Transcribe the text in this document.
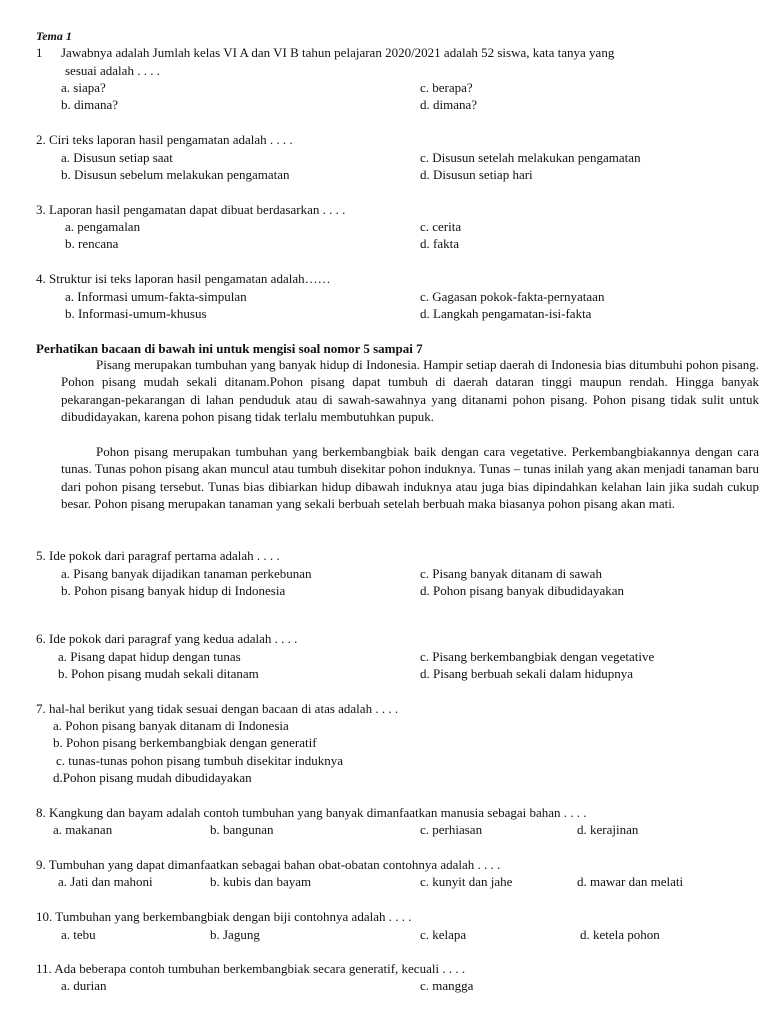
Tema 1
1 Jawabnya adalah Jumlah kelas VI A dan VI B tahun pelajaran 2020/2021 adalah 52 siswa, kata tanya yang
sesuai adalah . . . .
a. siapa?
b. dimana?
c. berapa?
d. dimana?
2. Ciri teks laporan hasil pengamatan adalah . . . .
a. Disusun setiap saat
b. Disusun sebelum melakukan pengamatan
c. Disusun setelah melakukan pengamatan
d. Disusun setiap hari
3. Laporan hasil pengamatan dapat dibuat berdasarkan . . . .
a. pengamalan
b. rencana
c. cerita
d. fakta
4. Struktur isi teks laporan hasil pengamatan adalah……
a. Informasi umum-fakta-simpulan
b. Informasi-umum-khusus
c. Gagasan pokok-fakta-pernyataan
d. Langkah pengamatan-isi-fakta
Perhatikan bacaan di bawah ini untuk mengisi soal nomor 5 sampai 7
Pisang merupakan tumbuhan yang banyak hidup di Indonesia. Hampir setiap daerah di Indonesia bias ditumbuhi pohon pisang. Pohon pisang mudah sekali ditanam.Pohon pisang dapat tumbuh di daerah dataran tinggi maupun rendah. Hingga banyak pekarangan-pekarangan di lahan penduduk atau di sawah-sawahnya yang ditanami pohon pisang. Pohon pisang tidak sulit untuk dibudidayakan, karena pohon pisang tidak terlalu membutuhkan pupuk.
Pohon pisang merupakan tumbuhan yang berkembangbiak baik dengan cara vegetative. Perkembangbiakannya dengan cara tunas. Tunas pohon pisang akan muncul atau tumbuh disekitar pohon induknya. Tunas – tunas inilah yang akan menjadi tanaman baru dari pohon pisang tersebut. Tunas bias dibiarkan hidup dibawah induknya atau juga bias dipindahkan kelahan lain jika sudah cukup besar. Pohon pisang merupakan tanaman yang sekali berbuah setelah berbuah maka biasanya pohon pisang akan mati.
5. Ide pokok dari paragraf pertama adalah . . . .
a. Pisang banyak dijadikan tanaman perkebunan
b. Pohon pisang banyak hidup di Indonesia
c. Pisang banyak ditanam di sawah
d. Pohon pisang banyak dibudidayakan
6. Ide pokok dari paragraf yang kedua adalah . . . .
a. Pisang dapat hidup dengan tunas
b. Pohon pisang mudah sekali ditanam
c. Pisang berkembangbiak dengan vegetative
d. Pisang berbuah sekali dalam hidupnya
7. hal-hal berikut yang tidak sesuai dengan bacaan di atas adalah . . . .
a. Pohon pisang banyak ditanam di Indonesia
b. Pohon pisang berkembangbiak dengan generatif
c. tunas-tunas pohon pisang tumbuh disekitar induknya
d.Pohon pisang mudah dibudidayakan
8. Kangkung dan bayam adalah contoh tumbuhan yang banyak dimanfaatkan manusia sebagai bahan . . . .
a. makanan	b. bangunan	c. perhiasan	d. kerajinan
9. Tumbuhan yang dapat dimanfaatkan sebagai bahan obat-obatan contohnya adalah . . . .
a. Jati dan mahoni	b. kubis dan bayam	c. kunyit dan jahe	d. mawar dan melati
10. Tumbuhan yang berkembangbiak dengan biji contohnya adalah . . . .
a. tebu	b. Jagung	c. kelapa	d. ketela pohon
11. Ada beberapa contoh tumbuhan berkembangbiak secara generatif, kecuali . . . .
a. durian	c. mangga
